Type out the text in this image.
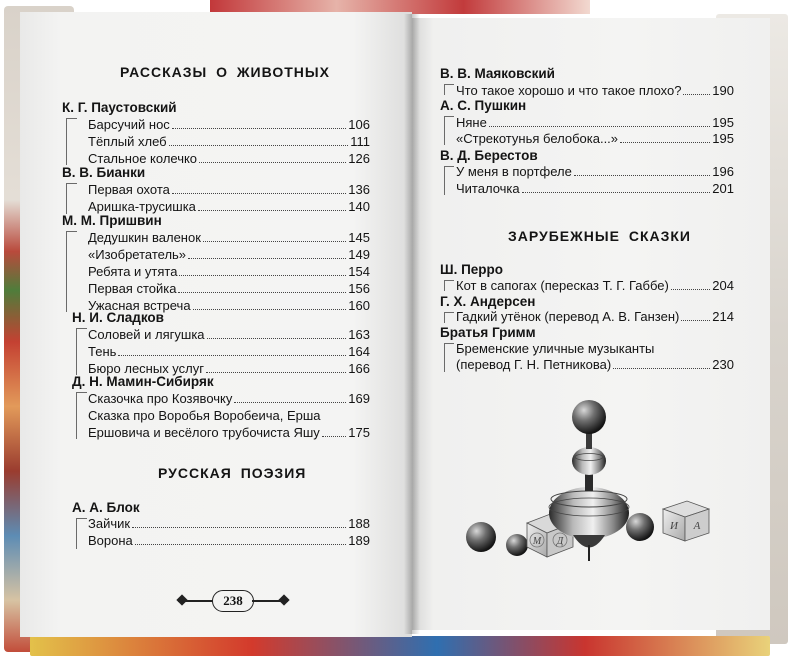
РАССКАЗЫ О ЖИВОТНЫХ
К. Г. Паустовский
Барсучий нос	106
Тёплый хлеб	111
Стальное колечко	126
В. В. Бианки
Первая охота	136
Аришка-трусишка	140
М. М. Пришвин
Дедушкин валенок	145
«Изобретатель»	149
Ребята и утята	154
Первая стойка	156
Ужасная встреча	160
Н. И. Сладков
Соловей и лягушка	163
Тень	164
Бюро лесных услуг	166
Д. Н. Мамин-Сибиряк
Сказочка про Козявочку	169
Сказка про Воробья Воробеича, Ерша
Ершовича и весёлого трубочиста Яшу 175
РУССКАЯ ПОЭЗИЯ
А. А. Блок
Зайчик	188
Ворона	189
238
В. В. Маяковский
Что такое хорошо и что такое плохо? 190
А. С. Пушкин
Няне	195
«Стрекотунья белобока...»	195
В. Д. Берестов
У меня в портфеле	196
Читалочка	201
ЗАРУБЕЖНЫЕ СКАЗКИ
Ш. Перро
Кот в сапогах (пересказ Т. Г. Габбе)	204
Г. Х. Андерсен
Гадкий утёнок (перевод А. В. Ганзен)	214
Братья Гримм
Бременские уличные музыканты
(перевод Г. Н. Петникова)	230
М Д
И А
